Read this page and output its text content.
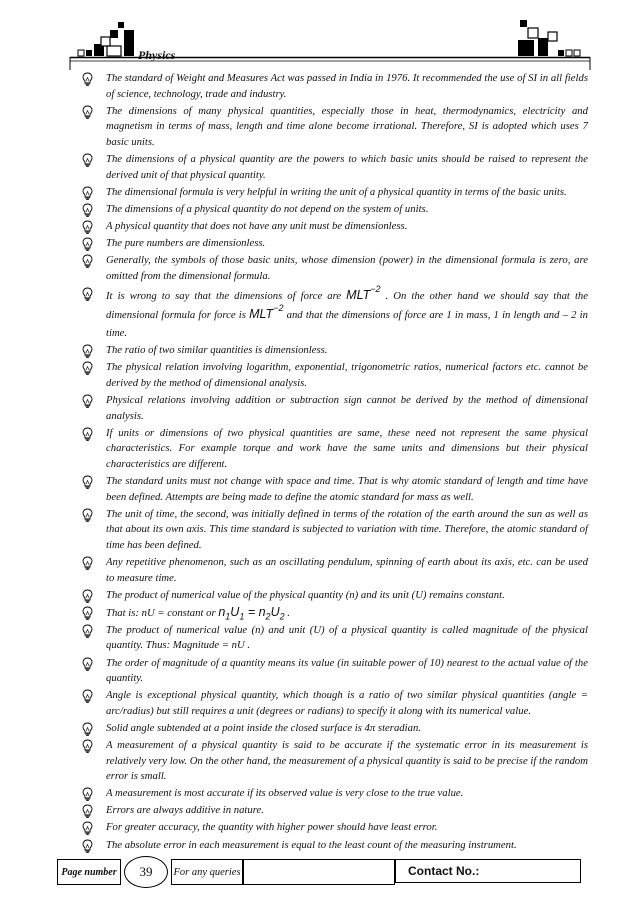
Physics
The standard of Weight and Measures Act was passed in India in 1976. It recommended the use of SI in all fields of science, technology, trade and industry.
The dimensions of many physical quantities, especially those in heat, thermodynamics, electricity and magnetism in terms of mass, length and time alone become irrational. Therefore, SI is adopted which uses 7 basic units.
The dimensions of a physical quantity are the powers to which basic units should be raised to represent the derived unit of that physical quantity.
The dimensional formula is very helpful in writing the unit of a physical quantity in terms of the basic units.
The dimensions of a physical quantity do not depend on the system of units.
A physical quantity that does not have any unit must be dimensionless.
The pure numbers are dimensionless.
Generally, the symbols of those basic units, whose dimension (power) in the dimensional formula is zero, are omitted from the dimensional formula.
It is wrong to say that the dimensions of force are $MLT^{-2}$ . On the other hand we should say that the dimensional formula for force is $MLT^{-2}$ and that the dimensions of force are 1 in mass, 1 in length and – 2 in time.
The ratio of two similar quantities is dimensionless.
The physical relation involving logarithm, exponential, trigonometric ratios, numerical factors etc. cannot be derived by the method of dimensional analysis.
Physical relations involving addition or subtraction sign cannot be derived by the method of dimensional analysis.
If units or dimensions of two physical quantities are same, these need not represent the same physical characteristics. For example torque and work have the same units and dimensions but their physical characteristics are different.
The standard units must not change with space and time. That is why atomic standard of length and time have been defined. Attempts are being made to define the atomic standard for mass as well.
The unit of time, the second, was initially defined in terms of the rotation of the earth around the sun as well as that about its own axis. This time standard is subjected to variation with time. Therefore, the atomic standard of time has been defined.
Any repetitive phenomenon, such as an oscillating pendulum, spinning of earth about its axis, etc. can be used to measure time.
The product of numerical value of the physical quantity (n) and its unit (U) remains constant.
That is: nU = constant or $n_1U_1 = n_2U_2$ .
The product of numerical value (n) and unit (U) of a physical quantity is called magnitude of the physical quantity. Thus: Magnitude = nU .
The order of magnitude of a quantity means its value (in suitable power of 10) nearest to the actual value of the quantity.
Angle is exceptional physical quantity, which though is a ratio of two similar physical quantities (angle = arc/radius) but still requires a unit (degrees or radians) to specify it along with its numerical value.
Solid angle subtended at a point inside the closed surface is 4π steradian.
A measurement of a physical quantity is said to be accurate if the systematic error in its measurement is relatively very low. On the other hand, the measurement of a physical quantity is said to be precise if the random error is small.
A measurement is most accurate if its observed value is very close to the true value.
Errors are always additive in nature.
For greater accuracy, the quantity with higher power should have least error.
The absolute error in each measurement is equal to the least count of the measuring instrument.
Page number	39	For any queries	Contact No.:
